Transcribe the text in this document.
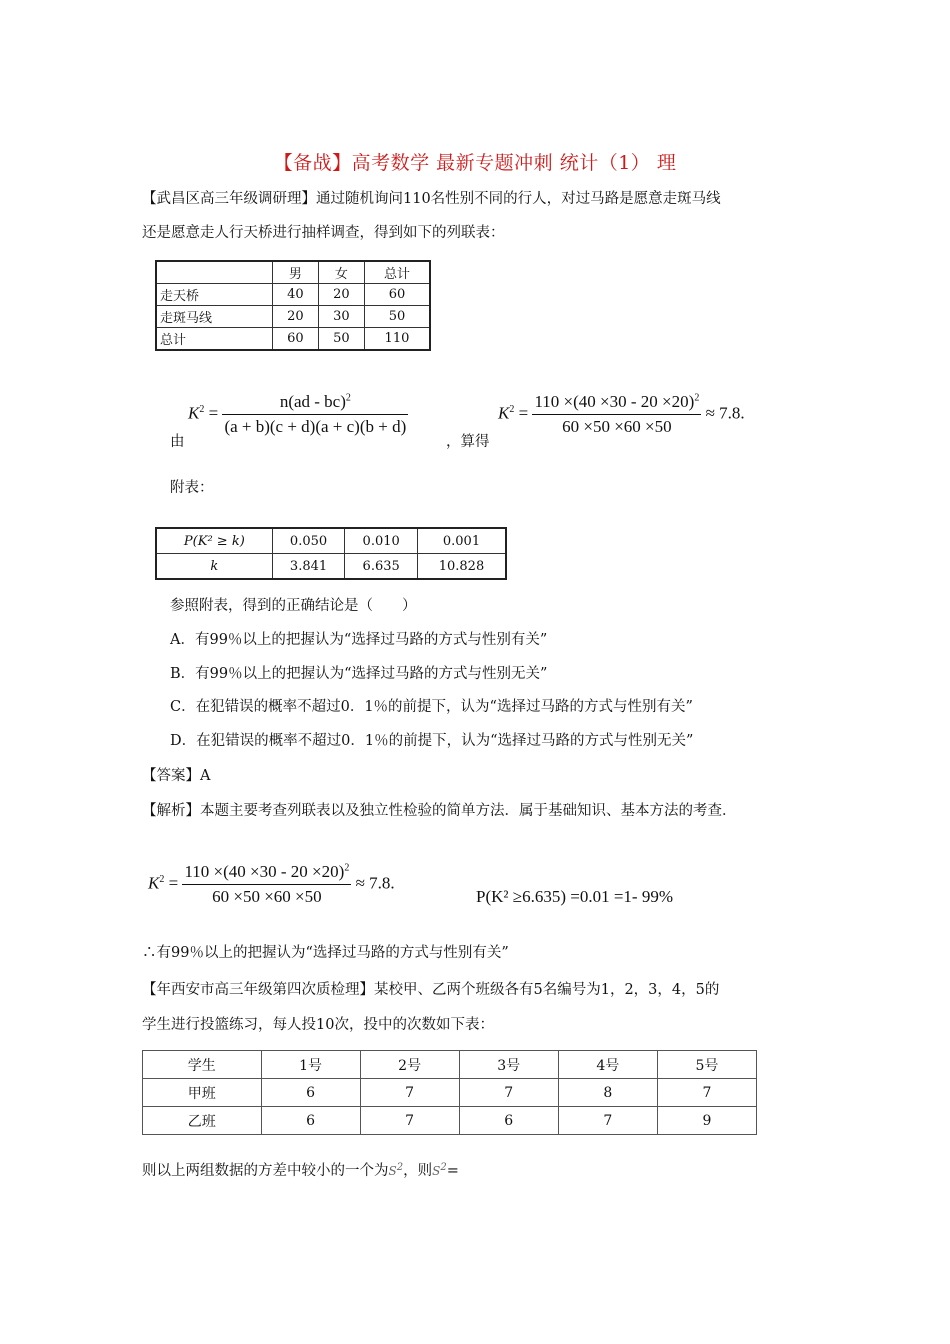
【备战】高考数学 最新专题冲刺 统计（1） 理
【武昌区高三年级调研理】通过随机询问110名性别不同的行人，对过马路是愿意走斑马线
还是愿意走人行天桥进行抽样调查，得到如下的列联表：
	男	女	总计
走天桥	40	20	60
走斑马线	20	30	50
总计	60	50	110
由
$K^2 = \frac{n(ad - bc)^2}{(a + b)(c + d)(a + c)(b + d)}$
，算得
$K^2 = \frac{110 \times(40 \times 30 - 20 \times 20)^2}{60 \times 50 \times 60 \times 50} \approx 7.8$.
附表：
P(K² ≥ k)	0.050	0.010	0.001
k	3.841	6.635	10.828
参照附表，得到的正确结论是（　　）
A．有99％以上的把握认为“选择过马路的方式与性别有关”
B．有99％以上的把握认为“选择过马路的方式与性别无关”
C．在犯错误的概率不超过0．1％的前提下，认为“选择过马路的方式与性别有关”
D．在犯错误的概率不超过0．1％的前提下，认为“选择过马路的方式与性别无关”
【答案】A
【解析】本题主要考查列联表以及独立性检验的简单方法．属于基础知识、基本方法的考查．
$K^2 = \frac{110 \times(40 \times 30 - 20 \times 20)^2}{60 \times 50 \times 60 \times 50} \approx 7.8$.
P(K² ≥6.635) =0.01 =1- 99%
∴有99％以上的把握认为“选择过马路的方式与性别有关”
【年西安市高三年级第四次质检理】某校甲、乙两个班级各有5名编号为1，2，3，4，5的
学生进行投篮练习，每人投10次，投中的次数如下表：
学生	1号	2号	3号	4号	5号
甲班	6	7	7	8	7
乙班	6	7	6	7	9
则以上两组数据的方差中较小的一个为$S^2$，则$S^2=$
